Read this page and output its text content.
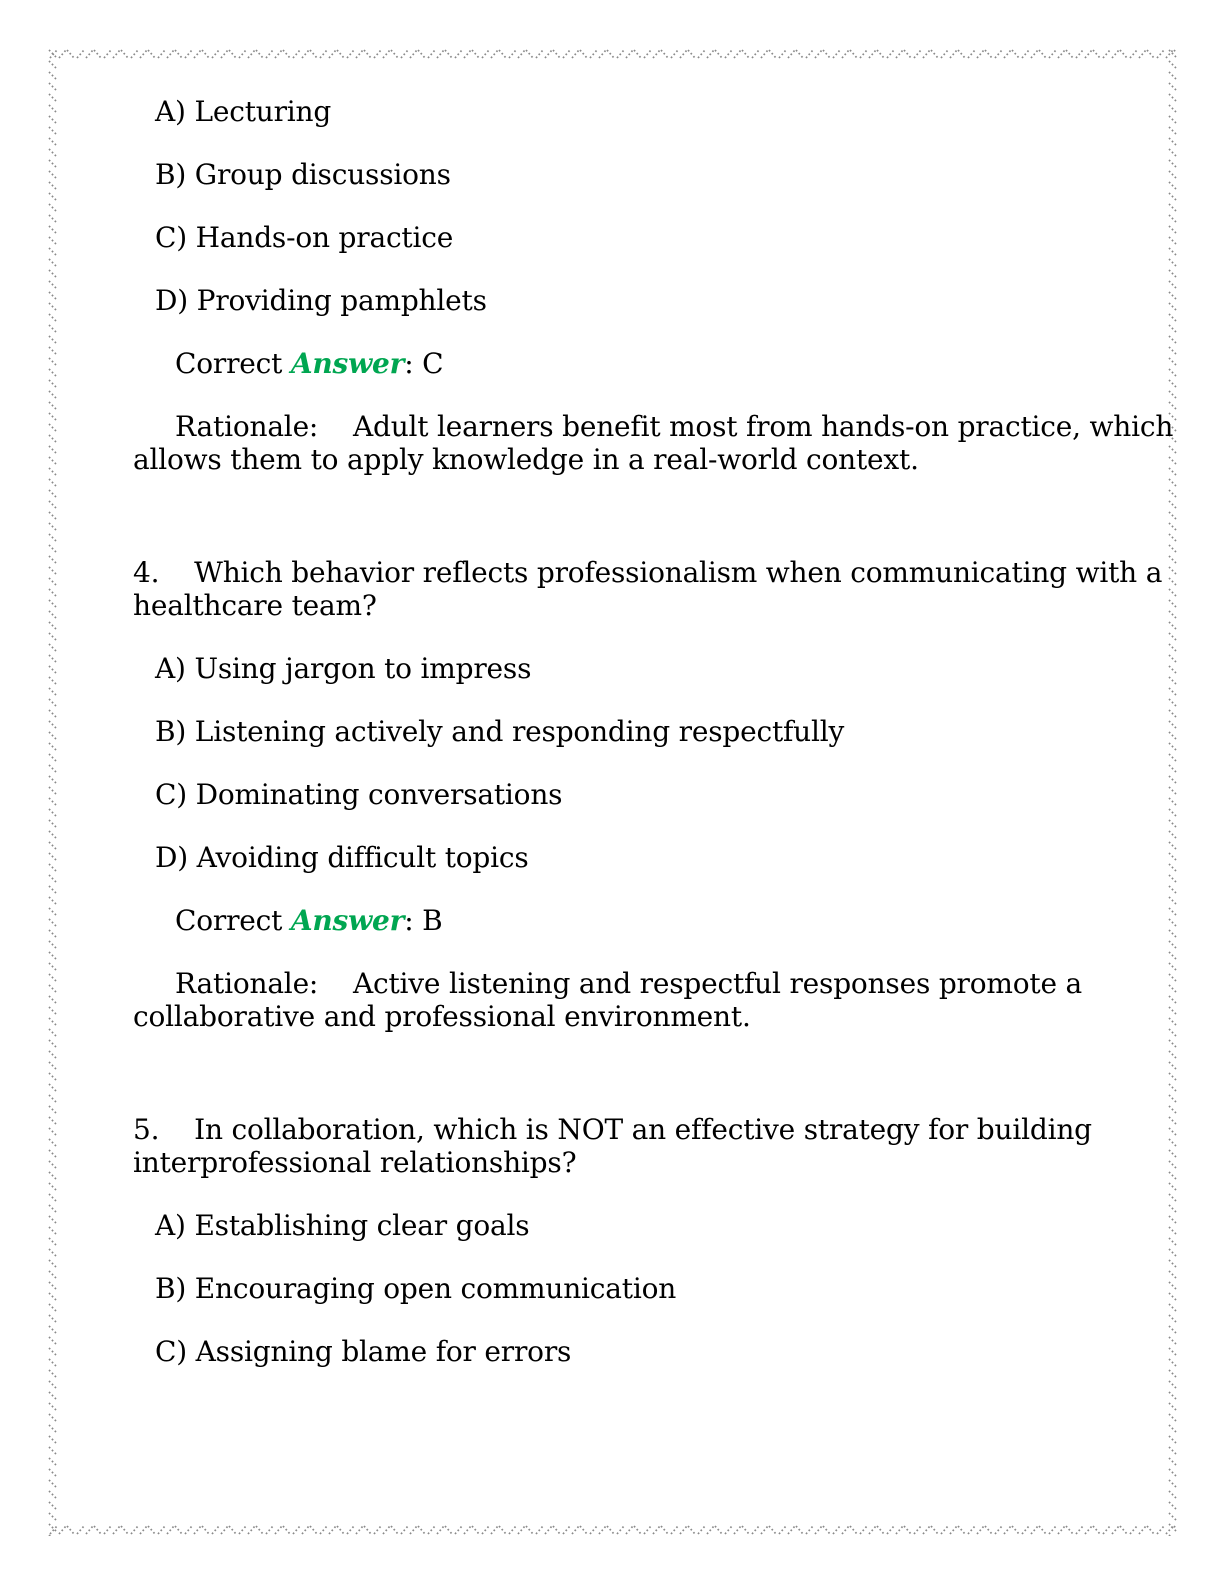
A) Lecturing

B) Group discussions

C) Hands-on practice

D) Providing pamphlets

Correct Answer: C

Rationale:    Adult learners benefit most from hands-on practice, which
allows them to apply knowledge in a real-world context.
4.    Which behavior reflects professionalism when communicating with a
healthcare team?

A) Using jargon to impress

B) Listening actively and responding respectfully

C) Dominating conversations

D) Avoiding difficult topics

Correct Answer: B

Rationale:    Active listening and respectful responses promote a
collaborative and professional environment.
5.    In collaboration, which is NOT an effective strategy for building
interprofessional relationships?

A) Establishing clear goals

B) Encouraging open communication

C) Assigning blame for errors
